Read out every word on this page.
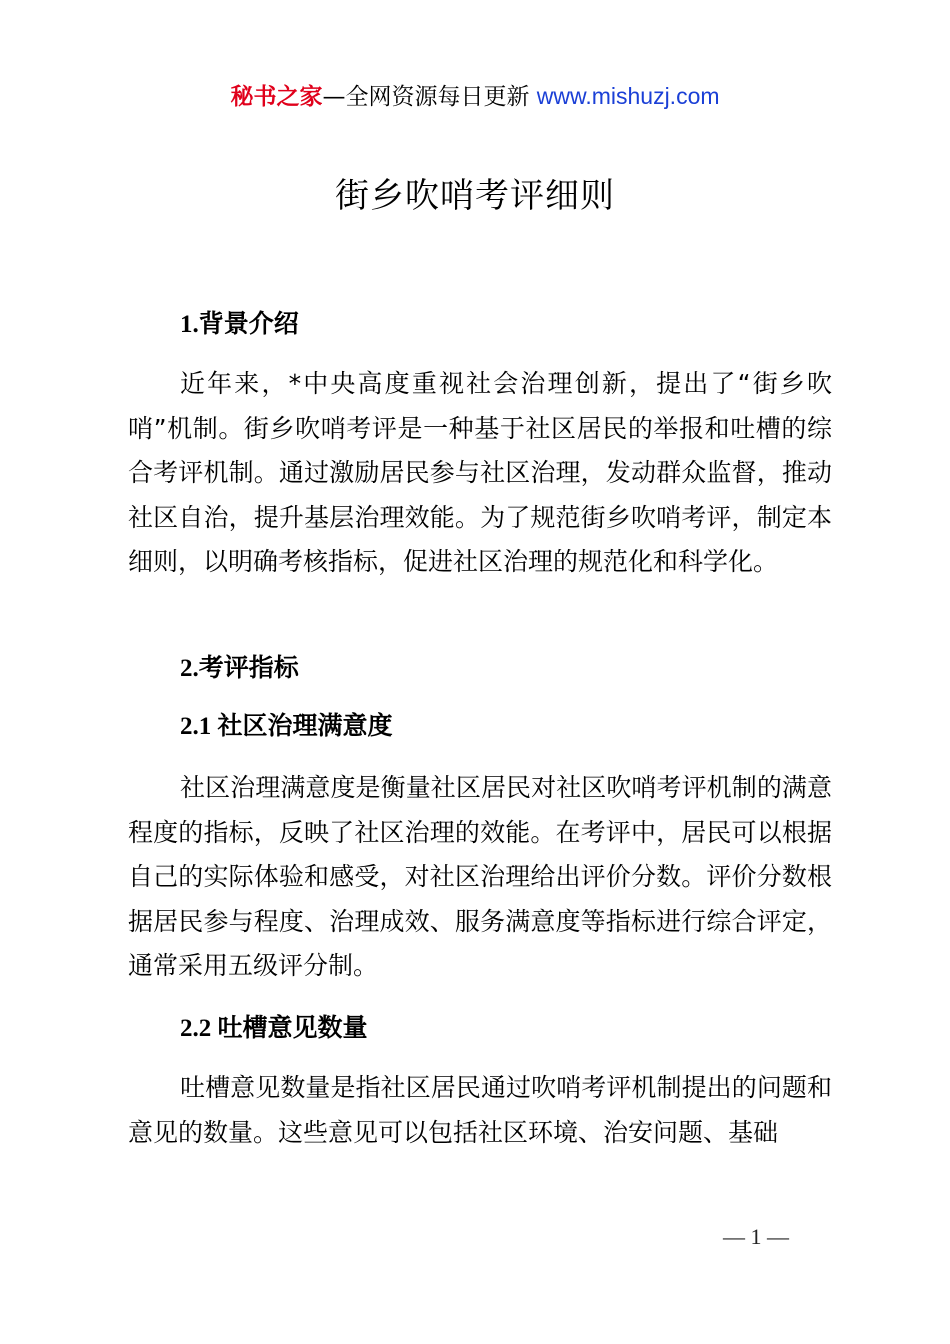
秘书之家—全网资源每日更新 www.mishuzj.com
街乡吹哨考评细则
1.背景介绍
近年来，*中央高度重视社会治理创新，提出了“街乡吹哨”机制。街乡吹哨考评是一种基于社区居民的举报和吐槽的综合考评机制。通过激励居民参与社区治理，发动群众监督，推动社区自治，提升基层治理效能。为了规范街乡吹哨考评，制定本细则，以明确考核指标，促进社区治理的规范化和科学化。
2.考评指标
2.1 社区治理满意度
社区治理满意度是衡量社区居民对社区吹哨考评机制的满意程度的指标，反映了社区治理的效能。在考评中，居民可以根据自己的实际体验和感受，对社区治理给出评价分数。评价分数根据居民参与程度、治理成效、服务满意度等指标进行综合评定，通常采用五级评分制。
2.2 吐槽意见数量
吐槽意见数量是指社区居民通过吹哨考评机制提出的问题和意见的数量。这些意见可以包括社区环境、治安问题、基础
— 1 —
